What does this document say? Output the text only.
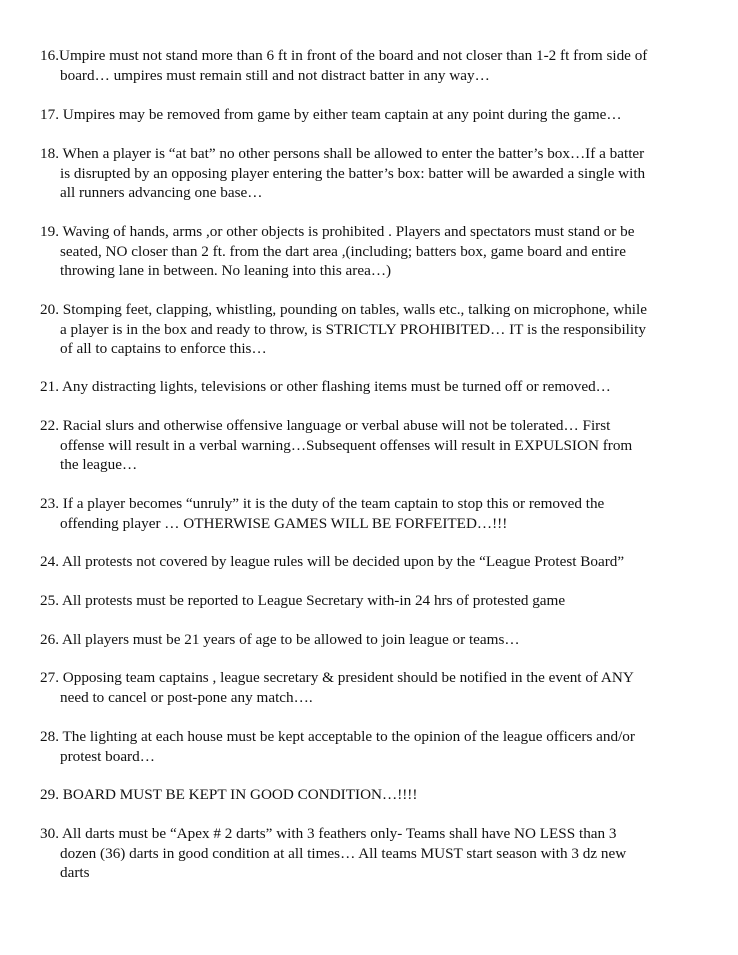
16.Umpire must not stand more than 6 ft in front of the board and not closer than 1-2 ft from side of
board… umpires must remain still and not distract batter in any way…
17. Umpires may be removed from game by either team captain at any point during the game…
18. When a player is “at bat” no other persons shall be allowed to enter the batter’s box…If a batter
is disrupted by an opposing player entering the batter’s box: batter will be awarded a single with
all runners advancing one base…
19. Waving of hands, arms ,or other objects is prohibited . Players and spectators must stand or be
seated, NO closer than 2 ft. from the dart area ,(including; batters box, game board and entire
throwing lane in between. No leaning into this area…)
20. Stomping feet, clapping, whistling, pounding on tables, walls etc., talking on microphone, while
a player is in the box and ready to throw, is STRICTLY PROHIBITED… IT is the responsibility
of all to captains to enforce this…
21. Any distracting lights, televisions or other flashing items must be turned off or removed…
22. Racial slurs and otherwise offensive language or verbal abuse will not be tolerated… First
offense will result in a verbal warning…Subsequent offenses will result in EXPULSION from
the league…
23. If a player becomes “unruly” it is the duty of the team captain to stop this or removed the
offending player … OTHERWISE GAMES WILL BE FORFEITED…!!!
24. All protests not covered by league rules will be decided upon by the “League Protest Board”
25. All protests must be reported to League Secretary with-in 24 hrs of protested game
26. All players must be 21 years of age to be allowed to join league or teams…
27. Opposing team captains , league secretary & president should be notified in the event of ANY
need to cancel or post-pone any match….
28. The lighting at each house must be kept acceptable to the opinion of the league officers and/or
protest board…
29. BOARD MUST BE KEPT IN GOOD CONDITION…!!!!
30. All darts must be “Apex # 2 darts” with 3 feathers only- Teams shall have NO LESS than 3
dozen (36) darts in good condition at all times… All teams MUST start season with 3 dz new
darts
